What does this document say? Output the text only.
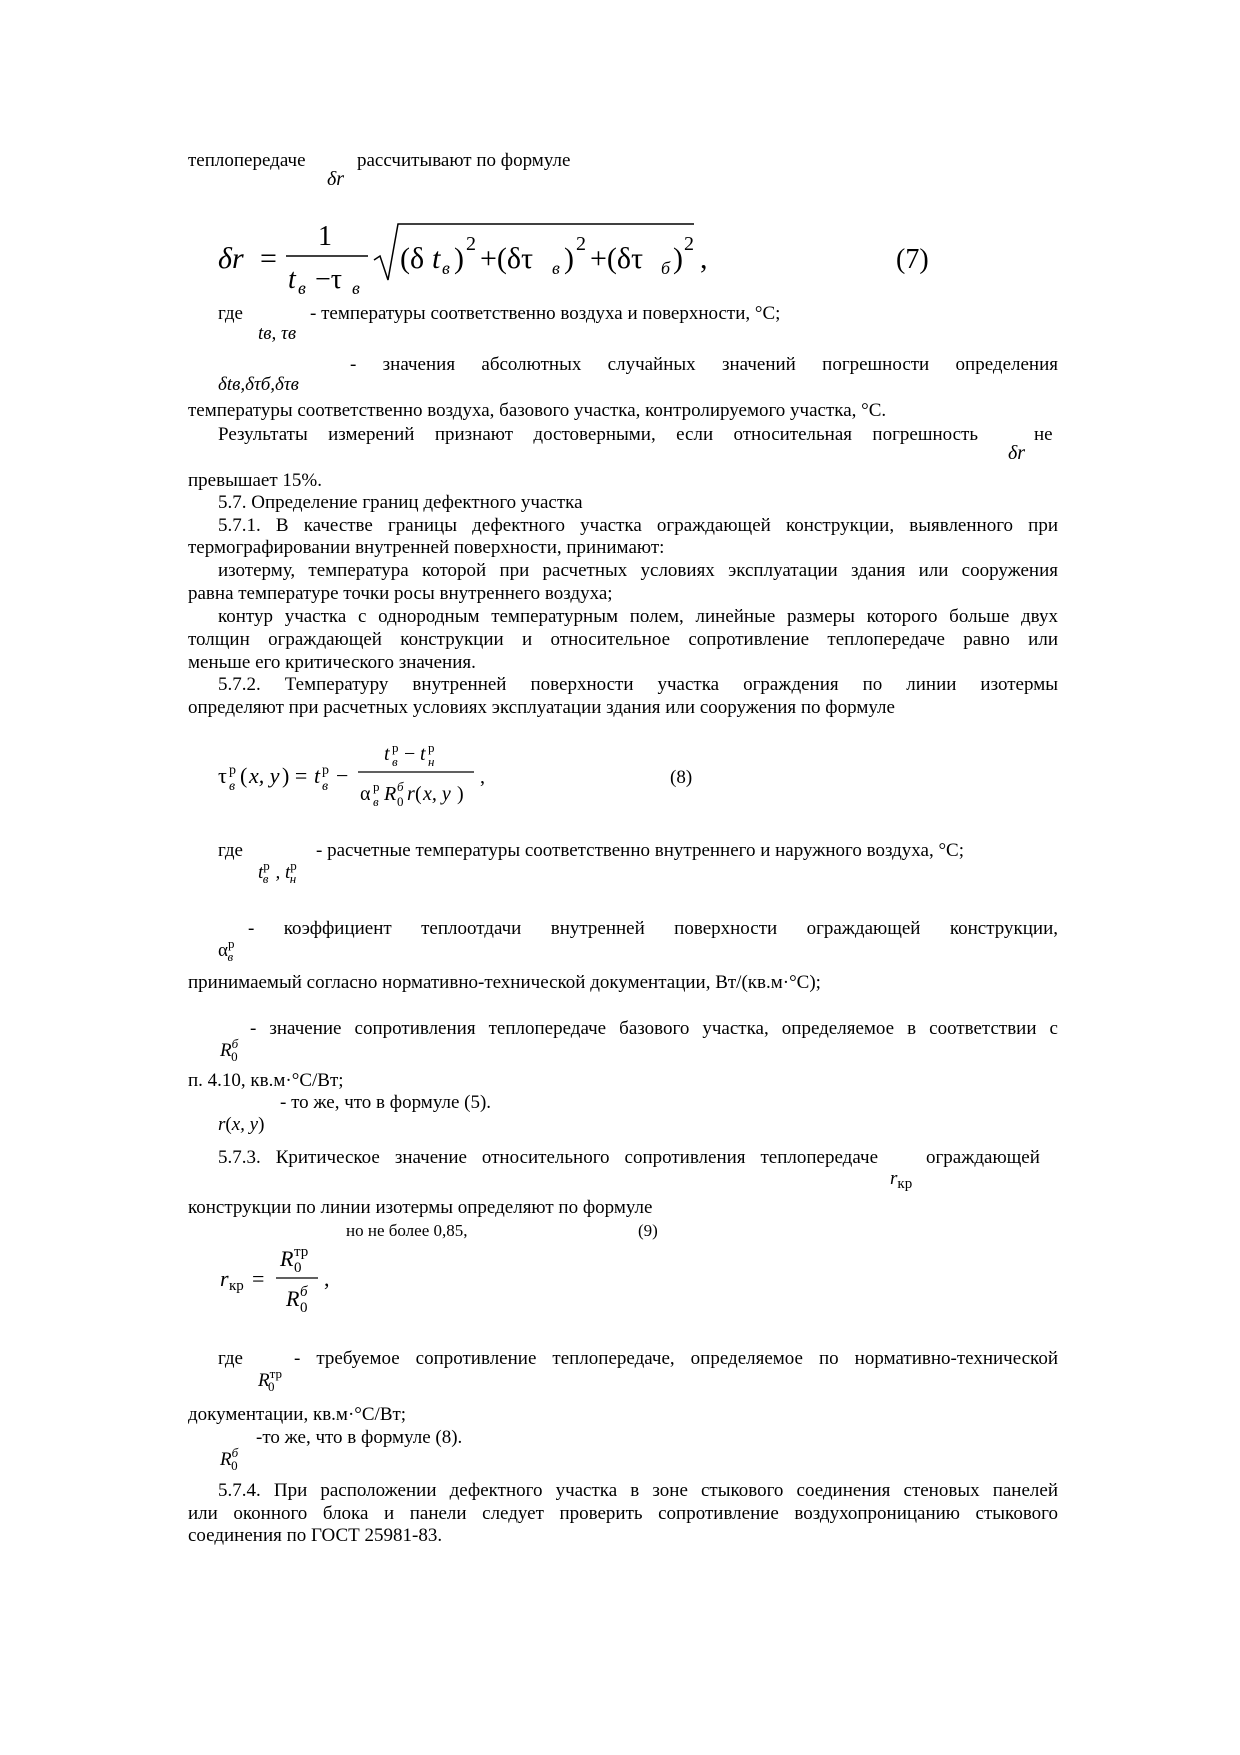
теплопередаче	рассчитывают по формуле
δr
δr =
1
t в −τ в
(δ t в ) 2 +(δτ в ) 2 +(δτ б ) 2 ,	(7)
где	- температуры соответственно воздуха и поверхности, °С;
tв, τв
- значения абсолютных случайных значений погрешности определения
δtв,δτб,δτв
температуры соответственно воздуха, базового участка, контролируемого участка, °С.
Результаты измерений признают достоверными, если относительная погрешность	не
δr
превышает 15%.
5.7. Определение границ дефектного участка
5.7.1. В качестве границы дефектного участка ограждающей конструкции, выявленного при
термографировании внутренней поверхности, принимают:
изотерму, температура которой при расчетных условиях эксплуатации здания или сооружения
равна температуре точки росы внутреннего воздуха;
контур участка с однородным температурным полем, линейные размеры которого больше двух
толщин ограждающей конструкции и относительное сопротивление теплопередаче равно или
меньше его критического значения.
5.7.2. Температуру внутренней поверхности участка ограждения по линии изотермы
определяют при расчетных условиях эксплуатации здания или сооружения по формуле
τ р
в ( x, y ) = t р
в −
t р
в − t р
н
α р
в R б
0 r ( x, y )
,	(8)
где	- расчетные температуры соответственно внутреннего и наружного воздуха, °С;
$t^р_в$ , $t^р_н$
- коэффициент теплоотдачи внутренней поверхности ограждающей конструкции,
$\alpha^р_в$
принимаемый согласно нормативно-технической документации, Вт/(кв.м·°С);
- значение сопротивления теплопередаче базового участка, определяемое в соответствии с
$R^б_0$
п. 4.10, кв.м·°С/Вт;
- то же, что в формуле (5).
r(x, y)
5.7.3. Критическое значение относительного сопротивления теплопередаче	ограждающей
$r_{кр}$
конструкции по линии изотермы определяют по формуле
но не более 0,85,	(9)
r кр =
R тр
0
R б
0
,
где	- требуемое сопротивление теплопередаче, определяемое по нормативно-технической
$R^{тр}_0$
документации, кв.м·°С/Вт;
-то же, что в формуле (8).
$R^б_0$
5.7.4. При расположении дефектного участка в зоне стыкового соединения стеновых панелей
или оконного блока и панели следует проверить сопротивление воздухопроницанию стыкового
соединения по ГОСТ 25981-83.
